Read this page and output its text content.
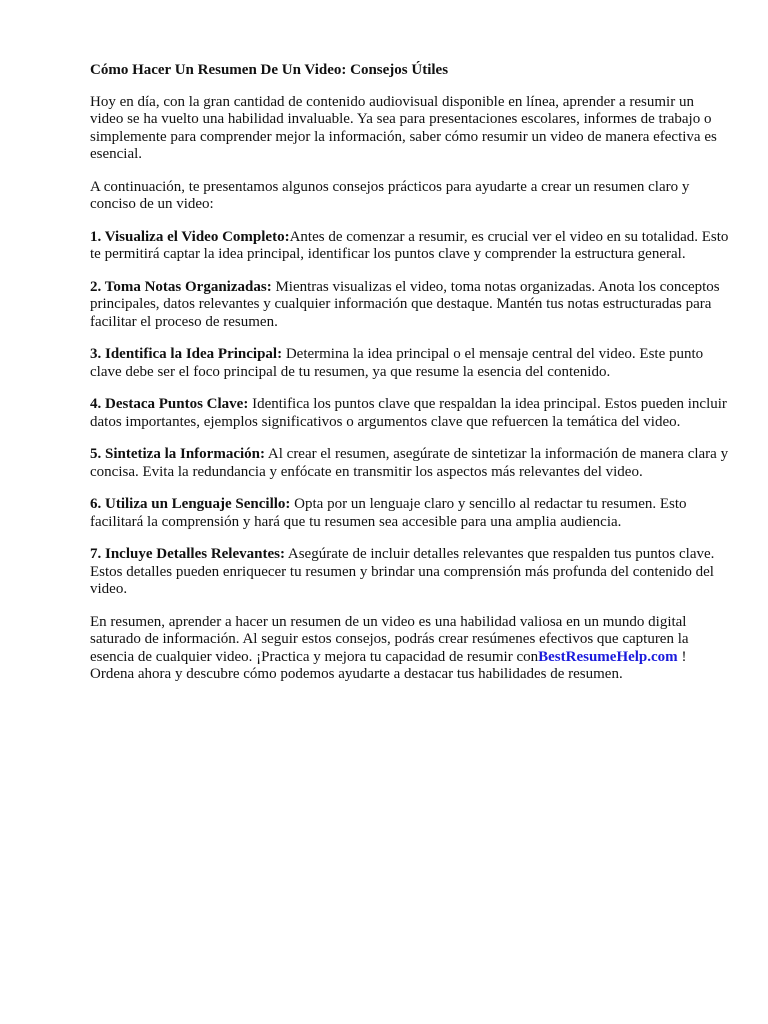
Cómo Hacer Un Resumen De Un Video: Consejos Útiles

Hoy en día, con la gran cantidad de contenido audiovisual disponible en línea, aprender a resumir un video se ha vuelto una habilidad invaluable. Ya sea para presentaciones escolares, informes de trabajo o simplemente para comprender mejor la información, saber cómo resumir un video de manera efectiva es esencial.

A continuación, te presentamos algunos consejos prácticos para ayudarte a crear un resumen claro y conciso de un video:

1. Visualiza el Video Completo:Antes de comenzar a resumir, es crucial ver el video en su totalidad. Esto te permitirá captar la idea principal, identificar los puntos clave y comprender la estructura general.

2. Toma Notas Organizadas: Mientras visualizas el video, toma notas organizadas. Anota los conceptos principales, datos relevantes y cualquier información que destaque. Mantén tus notas estructuradas para facilitar el proceso de resumen.

3. Identifica la Idea Principal: Determina la idea principal o el mensaje central del video. Este punto clave debe ser el foco principal de tu resumen, ya que resume la esencia del contenido.

4. Destaca Puntos Clave: Identifica los puntos clave que respaldan la idea principal. Estos pueden incluir datos importantes, ejemplos significativos o argumentos clave que refuercen la temática del video.

5. Sintetiza la Información: Al crear el resumen, asegúrate de sintetizar la información de manera clara y concisa. Evita la redundancia y enfócate en transmitir los aspectos más relevantes del video.

6. Utiliza un Lenguaje Sencillo: Opta por un lenguaje claro y sencillo al redactar tu resumen. Esto facilitará la comprensión y hará que tu resumen sea accesible para una amplia audiencia.

7. Incluye Detalles Relevantes: Asegúrate de incluir detalles relevantes que respalden tus puntos clave. Estos detalles pueden enriquecer tu resumen y brindar una comprensión más profunda del contenido del video.

En resumen, aprender a hacer un resumen de un video es una habilidad valiosa en un mundo digital saturado de información. Al seguir estos consejos, podrás crear resúmenes efectivos que capturen la esencia de cualquier video. ¡Practica y mejora tu capacidad de resumir conBestResumeHelp.com ! Ordena ahora y descubre cómo podemos ayudarte a destacar tus habilidades de resumen.
